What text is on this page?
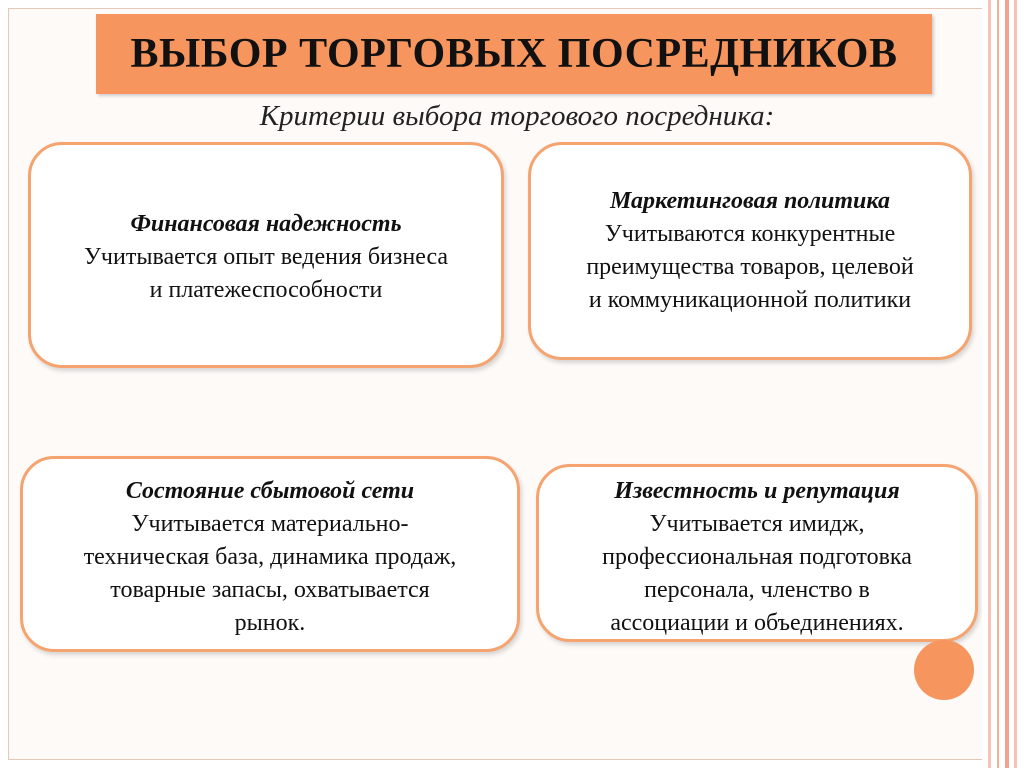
ВЫБОР ТОРГОВЫХ ПОСРЕДНИКОВ
Критерии выбора торгового посредника:
Финансовая надежность
Учитывается опыт ведения бизнеса
и платежеспособности
Маркетинговая политика
Учитываются конкурентные
преимущества товаров, целевой
и коммуникационной политики
Состояние сбытовой сети
Учитывается материально-
техническая база, динамика продаж,
товарные запасы, охватывается
рынок.
Известность и репутация
Учитывается имидж,
профессиональная подготовка
персонала, членство в
ассоциации и объединениях.
